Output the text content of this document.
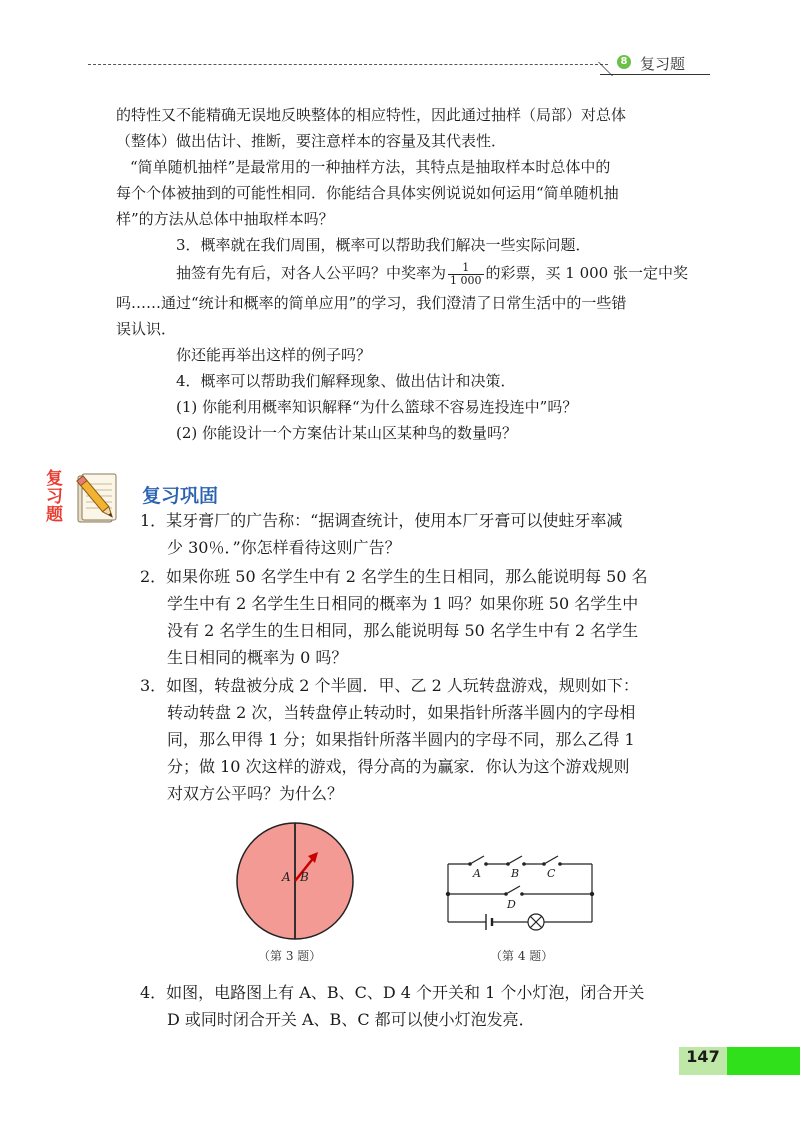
8 复习题
的特性又不能精确无误地反映整体的相应特性，因此通过抽样（局部）对总体
（整体）做出估计、推断，要注意样本的容量及其代表性．
“简单随机抽样”是最常用的一种抽样方法，其特点是抽取样本时总体中的
每个个体被抽到的可能性相同．你能结合具体实例说说如何运用“简单随机抽
样”的方法从总体中抽取样本吗？
3．概率就在我们周围，概率可以帮助我们解决一些实际问题．
抽签有先有后，对各人公平吗？中奖率为 $\frac{1}{1 000}$ 的彩票，买 1 000 张一定中奖
吗……通过“统计和概率的简单应用”的学习，我们澄清了日常生活中的一些错
误认识．
你还能再举出这样的例子吗？
4．概率可以帮助我们解释现象、做出估计和决策．
(1) 你能利用概率知识解释“为什么篮球不容易连投连中”吗？
(2) 你能设计一个方案估计某山区某种鸟的数量吗？
复
习
题
复习巩固
1．某牙膏厂的广告称：“据调查统计，使用本厂牙膏可以使蛀牙率减
少 30％．”你怎样看待这则广告？
2．如果你班 50 名学生中有 2 名学生的生日相同，那么能说明每 50 名
学生中有 2 名学生生日相同的概率为 1 吗？如果你班 50 名学生中
没有 2 名学生的生日相同，那么能说明每 50 名学生中有 2 名学生
生日相同的概率为 0 吗？
3．如图，转盘被分成 2 个半圆．甲、乙 2 人玩转盘游戏，规则如下：
转动转盘 2 次，当转盘停止转动时，如果指针所落半圆内的字母相
同，那么甲得 1 分；如果指针所落半圆内的字母不同，那么乙得 1
分；做 10 次这样的游戏，得分高的为赢家．你认为这个游戏规则
对双方公平吗？为什么？
A B
（第 3 题）
A	B	C
D
（第 4 题）
4．如图，电路图上有 A、B、C、D 4 个开关和 1 个小灯泡，闭合开关
D 或同时闭合开关 A、B、C 都可以使小灯泡发亮．
147
